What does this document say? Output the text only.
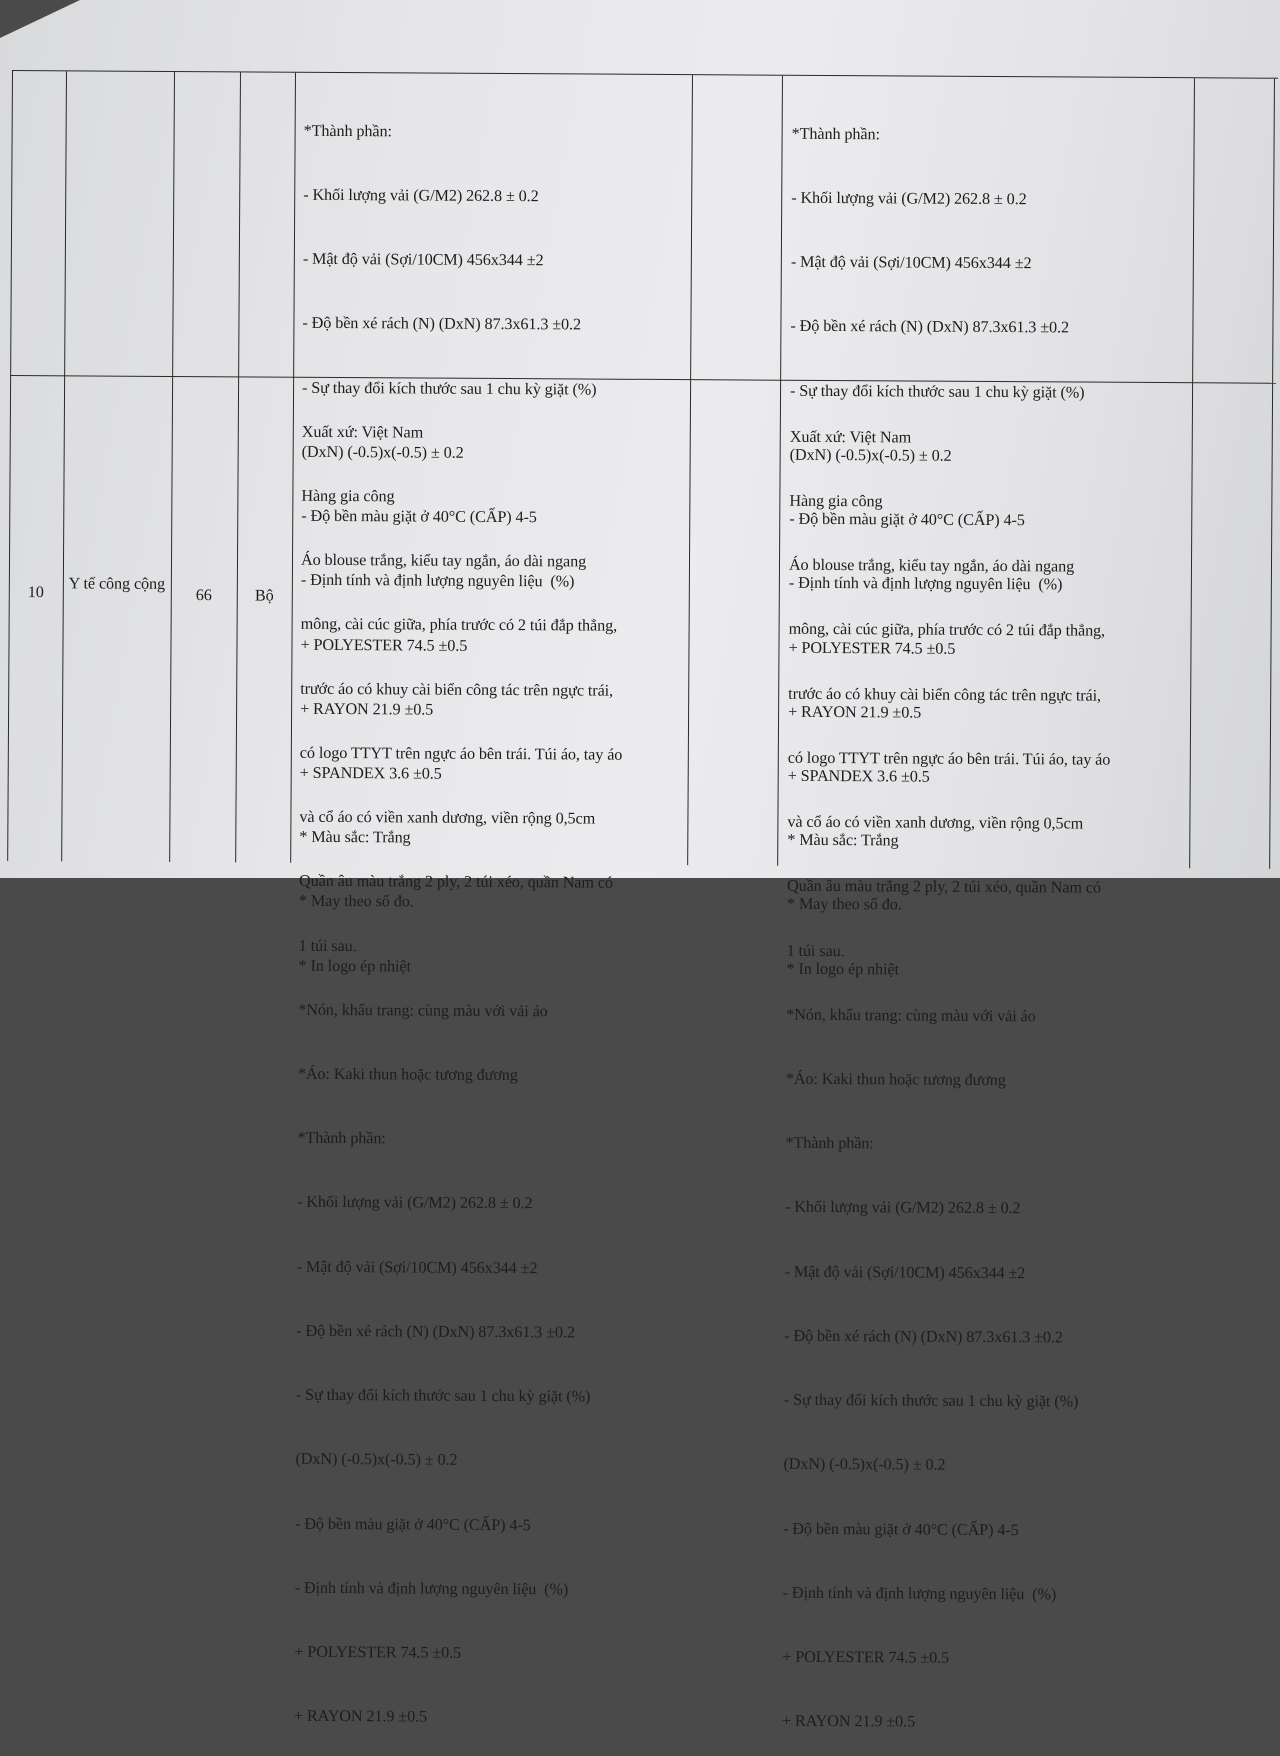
*Thành phần:

- Khối lượng vải (G/M2) 262.8 ± 0.2

- Mật độ vải (Sợi/10CM) 456x344 ±2

- Độ bền xé rách (N) (DxN) 87.3x61.3 ±0.2

- Sự thay đổi kích thước sau 1 chu kỳ giặt (%)

(DxN) (-0.5)x(-0.5) ± 0.2

- Độ bền màu giặt ở 40°C (CẤP) 4-5

- Định tính và định lượng nguyên liệu  (%)

+ POLYESTER 74.5 ±0.5

+ RAYON 21.9 ±0.5

+ SPANDEX 3.6 ±0.5

* Màu sắc: Trắng

* May theo số đo.

* In logo ép nhiệt

*Thành phần:

- Khối lượng vải (G/M2) 262.8 ± 0.2

- Mật độ vải (Sợi/10CM) 456x344 ±2

- Độ bền xé rách (N) (DxN) 87.3x61.3 ±0.2

- Sự thay đổi kích thước sau 1 chu kỳ giặt (%)

(DxN) (-0.5)x(-0.5) ± 0.2

- Độ bền màu giặt ở 40°C (CẤP) 4-5

- Định tính và định lượng nguyên liệu  (%)

+ POLYESTER 74.5 ±0.5

+ RAYON 21.9 ±0.5

+ SPANDEX 3.6 ±0.5

* Màu sắc: Trắng

* May theo số đo.

* In logo ép nhiệt

10	Y tế công cộng
66	Bộ

Xuất xứ: Việt Nam

Hàng gia công

Áo blouse trắng, kiểu tay ngắn, áo dài ngang

mông, cài cúc giữa, phía trước có 2 túi đắp thẳng,

trước áo có khuy cài biển công tác trên ngực trái,

có logo TTYT trên ngực áo bên trái. Túi áo, tay áo

và cổ áo có viền xanh dương, viền rộng 0,5cm

Quần âu màu trắng 2 ply, 2 túi xéo, quần Nam có

1 túi sau.

*Nón, khẩu trang: cùng màu với vải áo

*Áo: Kaki thun hoặc tương đương

*Thành phần:

- Khối lượng vải (G/M2) 262.8 ± 0.2

- Mật độ vải (Sợi/10CM) 456x344 ±2

- Độ bền xé rách (N) (DxN) 87.3x61.3 ±0.2

- Sự thay đổi kích thước sau 1 chu kỳ giặt (%)

(DxN) (-0.5)x(-0.5) ± 0.2

- Độ bền màu giặt ở 40°C (CẤP) 4-5

- Định tính và định lượng nguyên liệu  (%)

+ POLYESTER 74.5 ±0.5

+ RAYON 21.9 ±0.5

Xuất xứ: Việt Nam

Hàng gia công

Áo blouse trắng, kiểu tay ngắn, áo dài ngang

mông, cài cúc giữa, phía trước có 2 túi đắp thẳng,

trước áo có khuy cài biển công tác trên ngực trái,

có logo TTYT trên ngực áo bên trái. Túi áo, tay áo

và cổ áo có viền xanh dương, viền rộng 0,5cm

Quần âu màu trắng 2 ply, 2 túi xéo, quần Nam có

1 túi sau.

*Nón, khẩu trang: cùng màu với vải áo

*Áo: Kaki thun hoặc tương đương

*Thành phần:

- Khối lượng vải (G/M2) 262.8 ± 0.2

- Mật độ vải (Sợi/10CM) 456x344 ±2

- Độ bền xé rách (N) (DxN) 87.3x61.3 ±0.2

- Sự thay đổi kích thước sau 1 chu kỳ giặt (%)

(DxN) (-0.5)x(-0.5) ± 0.2

- Độ bền màu giặt ở 40°C (CẤP) 4-5

- Định tính và định lượng nguyên liệu  (%)

+ POLYESTER 74.5 ±0.5

+ RAYON 21.9 ±0.5
